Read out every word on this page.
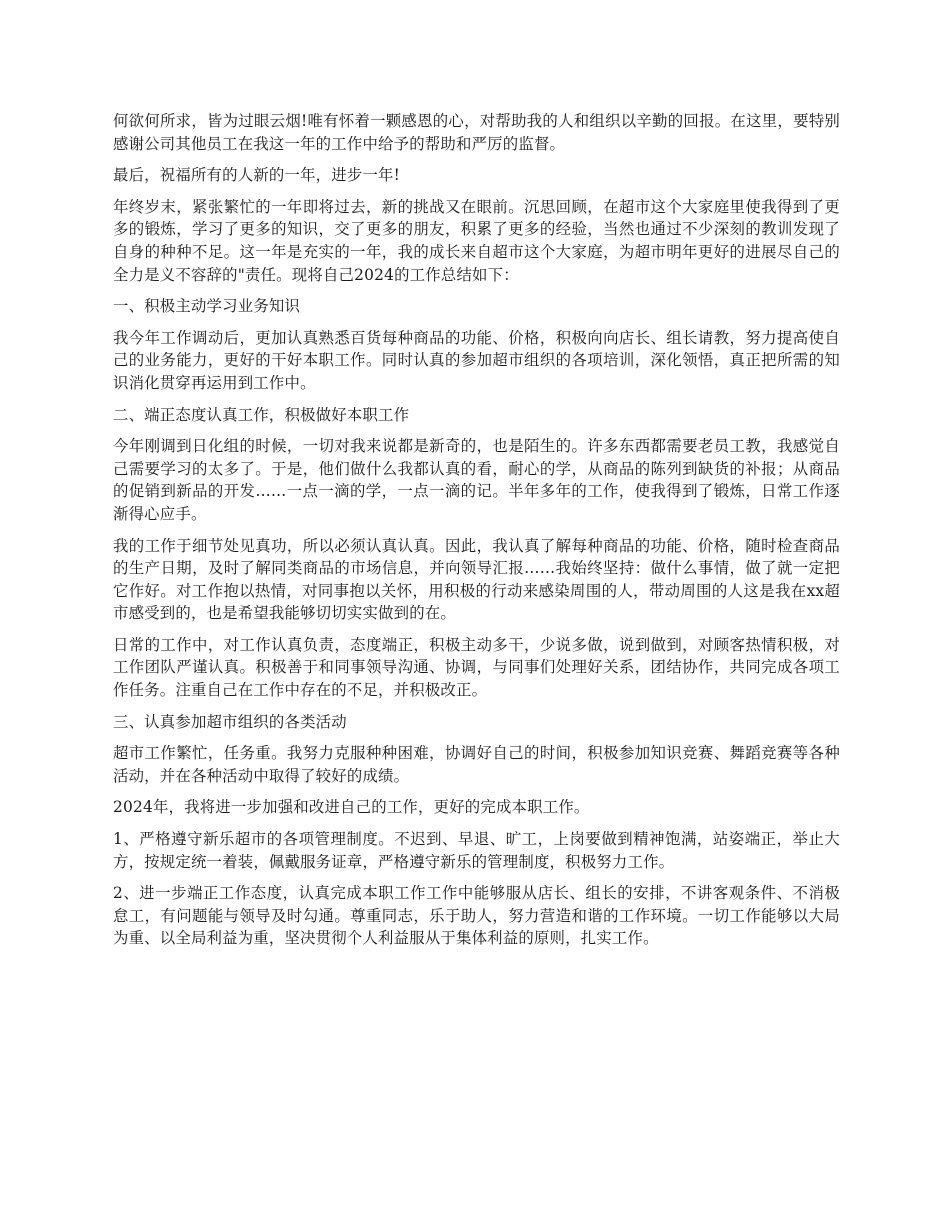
何欲何所求，皆为过眼云烟!唯有怀着一颗感恩的心，对帮助我的人和组织以辛勤的回报。在这里，要特别感谢公司其他员工在我这一年的工作中给予的帮助和严厉的监督。

最后，祝福所有的人新的一年，进步一年!

年终岁末，紧张繁忙的一年即将过去，新的挑战又在眼前。沉思回顾，在超市这个大家庭里使我得到了更多的锻炼，学习了更多的知识，交了更多的朋友，积累了更多的经验，当然也通过不少深刻的教训发现了自身的种种不足。这一年是充实的一年，我的成长来自超市这个大家庭，为超市明年更好的进展尽自己的全力是义不容辞的"责任。现将自己2024的工作总结如下：

一、积极主动学习业务知识

我今年工作调动后，更加认真熟悉百货每种商品的功能、价格，积极向向店长、组长请教，努力提高使自己的业务能力，更好的干好本职工作。同时认真的参加超市组织的各项培训，深化领悟，真正把所需的知识消化贯穿再运用到工作中。

二、端正态度认真工作，积极做好本职工作

今年刚调到日化组的时候，一切对我来说都是新奇的，也是陌生的。许多东西都需要老员工教，我感觉自己需要学习的太多了。于是，他们做什么我都认真的看，耐心的学，从商品的陈列到缺货的补报；从商品的促销到新品的开发……一点一滴的学，一点一滴的记。半年多年的工作，使我得到了锻炼，日常工作逐渐得心应手。

我的工作于细节处见真功，所以必须认真认真。因此，我认真了解每种商品的功能、价格，随时检查商品的生产日期，及时了解同类商品的市场信息，并向领导汇报……我始终坚持：做什么事情，做了就一定把它作好。对工作抱以热情，对同事抱以关怀，用积极的行动来感染周围的人，带动周围的人这是我在xx超市感受到的，也是希望我能够切切实实做到的在。

日常的工作中，对工作认真负责，态度端正，积极主动多干，少说多做，说到做到，对顾客热情积极，对工作团队严谨认真。积极善于和同事领导沟通、协调，与同事们处理好关系，团结协作，共同完成各项工作任务。注重自己在工作中存在的不足，并积极改正。

三、认真参加超市组织的各类活动

超市工作繁忙，任务重。我努力克服种种困难，协调好自己的时间，积极参加知识竞赛、舞蹈竞赛等各种活动，并在各种活动中取得了较好的成绩。

2024年，我将进一步加强和改进自己的工作，更好的完成本职工作。

1、严格遵守新乐超市的各项管理制度。不迟到、早退、旷工，上岗要做到精神饱满，站姿端正，举止大方，按规定统一着装，佩戴服务证章，严格遵守新乐的管理制度，积极努力工作。

2、进一步端正工作态度，认真完成本职工作工作中能够服从店长、组长的安排，不讲客观条件、不消极怠工，有问题能与领导及时勾通。尊重同志，乐于助人，努力营造和谐的工作环境。一切工作能够以大局为重、以全局利益为重，坚决贯彻个人利益服从于集体利益的原则，扎实工作。
